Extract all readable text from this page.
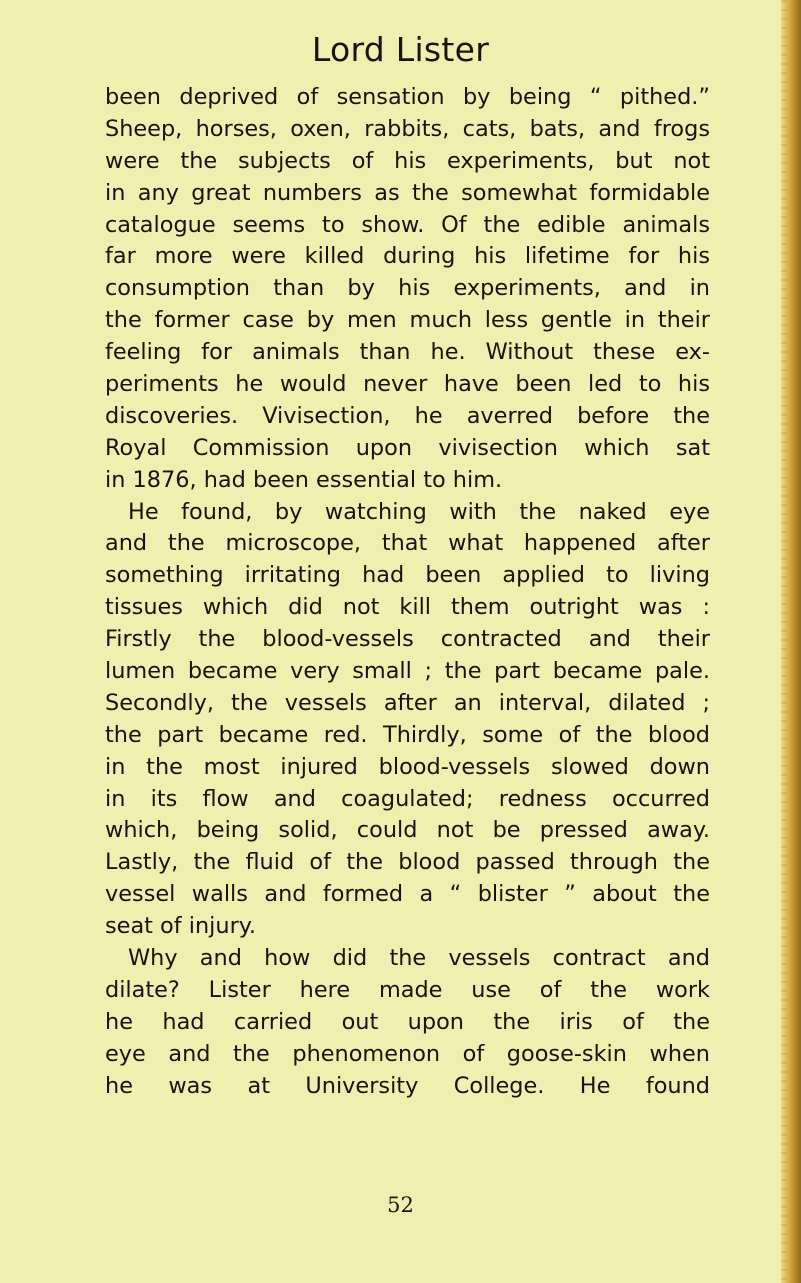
Lord Lister
been deprived of sensation by being “ pithed.”
Sheep, horses, oxen, rabbits, cats, bats, and frogs
were the subjects of his experiments, but not
in any great numbers as the somewhat formidable
catalogue seems to show. Of the edible animals
far more were killed during his lifetime for his
consumption than by his experiments, and in
the former case by men much less gentle in their
feeling for animals than he. Without these ex-
periments he would never have been led to his
discoveries. Vivisection, he averred before the
Royal Commission upon vivisection which sat
in 1876, had been essential to him.
He found, by watching with the naked eye
and the microscope, that what happened after
something irritating had been applied to living
tissues which did not kill them outright was :
Firstly the blood-vessels contracted and their
lumen became very small ; the part became pale.
Secondly, the vessels after an interval, dilated ;
the part became red. Thirdly, some of the blood
in the most injured blood-vessels slowed down
in its flow and coagulated; redness occurred
which, being solid, could not be pressed away.
Lastly, the fluid of the blood passed through the
vessel walls and formed a “ blister ” about the
seat of injury.
Why and how did the vessels contract and
dilate? Lister here made use of the work
he had carried out upon the iris of the
eye and the phenomenon of goose-skin when
he was at University College. He found
52
